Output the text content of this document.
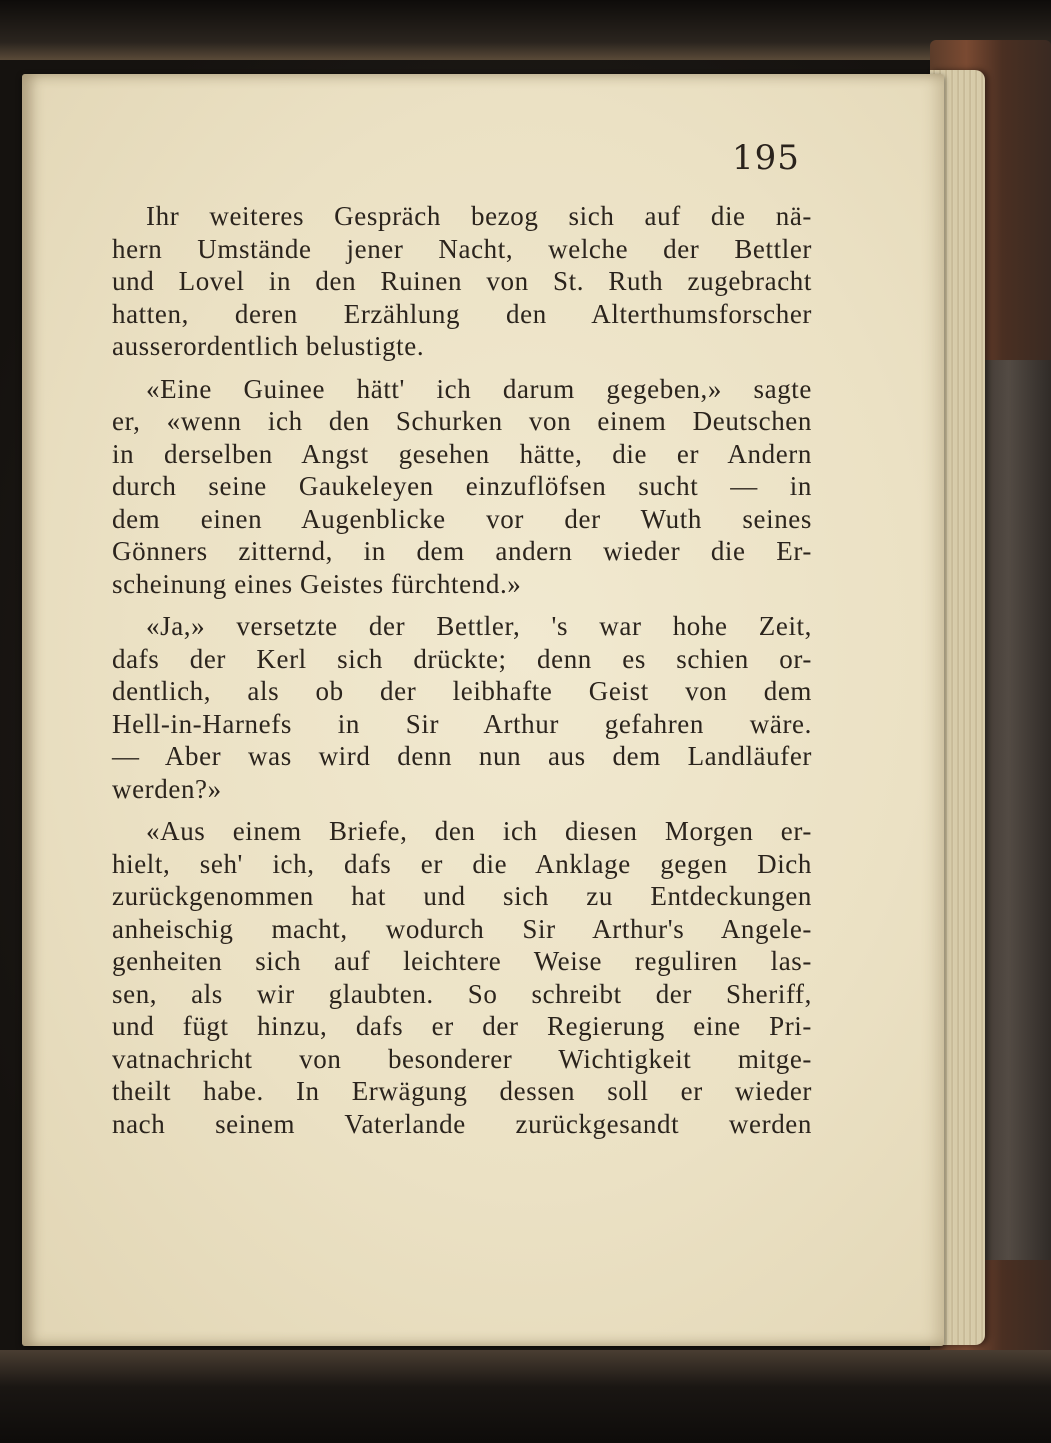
195
Ihr weiteres Gespräch bezog sich auf die nä-
hern Umstände jener Nacht, welche der Bettler
und Lovel in den Ruinen von St. Ruth zugebracht
hatten, deren Erzählung den Alterthumsforscher
ausserordentlich belustigte.
«Eine Guinee hätt' ich darum gegeben,» sagte
er, «wenn ich den Schurken von einem Deutschen
in derselben Angst gesehen hätte, die er Andern
durch seine Gaukeleyen einzuflöfsen sucht — in
dem einen Augenblicke vor der Wuth seines
Gönners zitternd, in dem andern wieder die Er-
scheinung eines Geistes fürchtend.»
«Ja,» versetzte der Bettler, 's war hohe Zeit,
dafs der Kerl sich drückte; denn es schien or-
dentlich, als ob der leibhafte Geist von dem
Hell-in-Harnefs in Sir Arthur gefahren wäre.
— Aber was wird denn nun aus dem Landläufer
werden?»
«Aus einem Briefe, den ich diesen Morgen er-
hielt, seh' ich, dafs er die Anklage gegen Dich
zurückgenommen hat und sich zu Entdeckungen
anheischig macht, wodurch Sir Arthur's Angele-
genheiten sich auf leichtere Weise reguliren las-
sen, als wir glaubten. So schreibt der Sheriff,
und fügt hinzu, dafs er der Regierung eine Pri-
vatnachricht von besonderer Wichtigkeit mitge-
theilt habe. In Erwägung dessen soll er wieder
nach seinem Vaterlande zurückgesandt werden
